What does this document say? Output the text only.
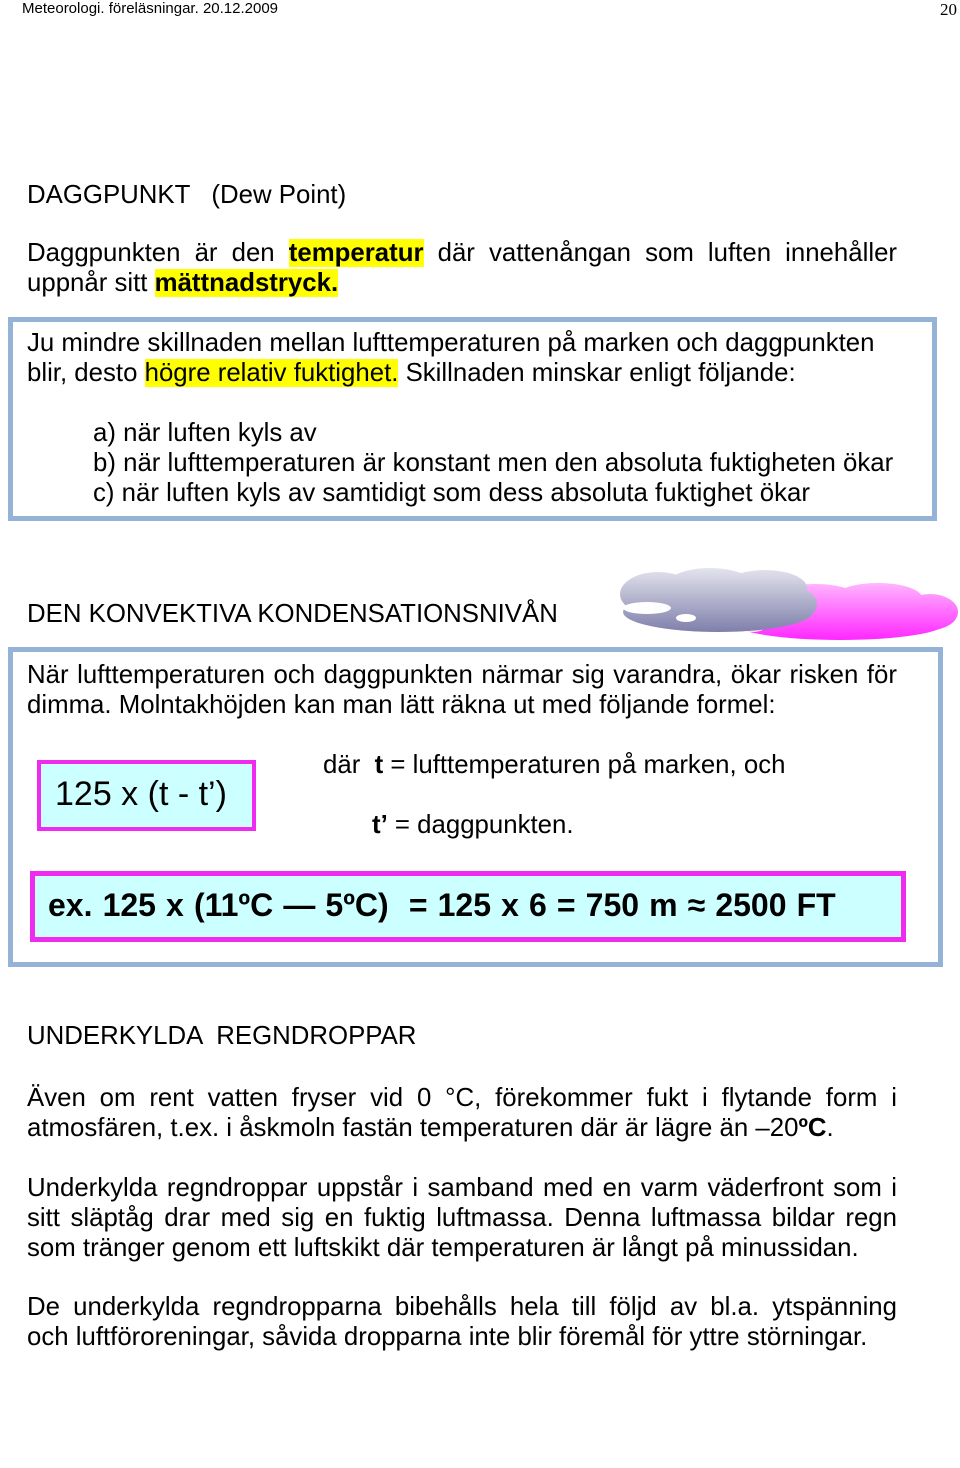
Meteorologi. föreläsningar. 20.12.2009	20
DAGGPUNKT   (Dew Point)
Daggpunkten är den temperatur där vattenångan som luften innehåller
uppnår sitt mättnadstryck.
Ju mindre skillnaden mellan lufttemperaturen på marken och daggpunkten
blir, desto högre relativ fuktighet. Skillnaden minskar enligt följande:
a) när luften kyls av
b) när lufttemperaturen är konstant men den absoluta fuktigheten ökar
c) när luften kyls av samtidigt som dess absoluta fuktighet ökar
DEN KONVEKTIVA KONDENSATIONSNIVÅN
När lufttemperaturen och daggpunkten närmar sig varandra, ökar risken för
dimma. Molntakhöjden kan man lätt räkna ut med följande formel:
125 x (t - t’)
där  t = lufttemperaturen på marken, och
t’ = daggpunkten.
ex. 125 x (11ºC — 5ºC)  = 125 x 6 = 750 m ≈ 2500 FT
UNDERKYLDA  REGNDROPPAR
Även om rent vatten fryser vid 0 °C, förekommer fukt i flytande form i
atmosfären, t.ex. i åskmoln fastän temperaturen där är lägre än –20ºC.
Underkylda regndroppar uppstår i samband med en varm väderfront som i
sitt släptåg drar med sig en fuktig luftmassa. Denna luftmassa bildar regn
som tränger genom ett luftskikt där temperaturen är långt på minussidan.
De underkylda regndropparna bibehålls hela till följd av bl.a. ytspänning
och luftföroreningar, såvida dropparna inte blir föremål för yttre störningar.
